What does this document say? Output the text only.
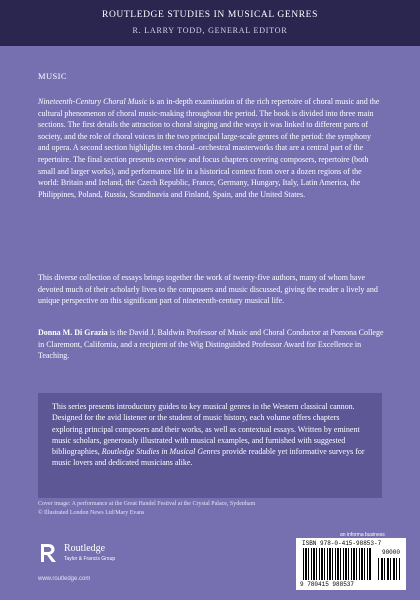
ROUTLEDGE STUDIES IN MUSICAL GENRES
R. LARRY TODD, GENERAL EDITOR
MUSIC

Nineteenth-Century Choral Music is an in-depth examination of the rich repertoire of choral music and the cultural phenomenon of choral music-making throughout the period. The book is divided into three main sections. The first details the attraction to choral singing and the ways it was linked to different parts of society, and the role of choral voices in the two principal large-scale genres of the period: the symphony and opera. A second section highlights ten choral–orchestral masterworks that are a central part of the repertoire. The final section presents overview and focus chapters covering composers, repertoire (both small and larger works), and performance life in a historical context from over a dozen regions of the world: Britain and Ireland, the Czech Republic, France, Germany, Hungary, Italy, Latin America, the Philippines, Poland, Russia, Scandinavia and Finland, Spain, and the United States.

This diverse collection of essays brings together the work of twenty-five authors, many of whom have devoted much of their scholarly lives to the composers and music discussed, giving the reader a lively and unique perspective on this significant part of nineteenth-century musical life.

Donna M. Di Grazia is the David J. Baldwin Professor of Music and Choral Conductor at Pomona College in Claremont, California, and a recipient of the Wig Distinguished Professor Award for Excellence in Teaching.

This series presents introductory guides to key musical genres in the Western classical cannon. Designed for the avid listener or the student of music history, each volume offers chapters exploring principal composers and their works, as well as contextual essays. Written by eminent music scholars, generously illustrated with musical examples, and furnished with suggested bibliographies, Routledge Studies in Musical Genres provide readable yet informative surveys for music lovers and dedicated musicians alike.
Cover image: A performance at the Great Handel Festival at the Crystal Palace, Sydenham
© Illustrated London News Ltd/Mary Evans
an informa business
ISBN 978-0-415-98853-7
90000
9 780415 988537
Routledge
Taylor & Francis Group
www.routledge.com
